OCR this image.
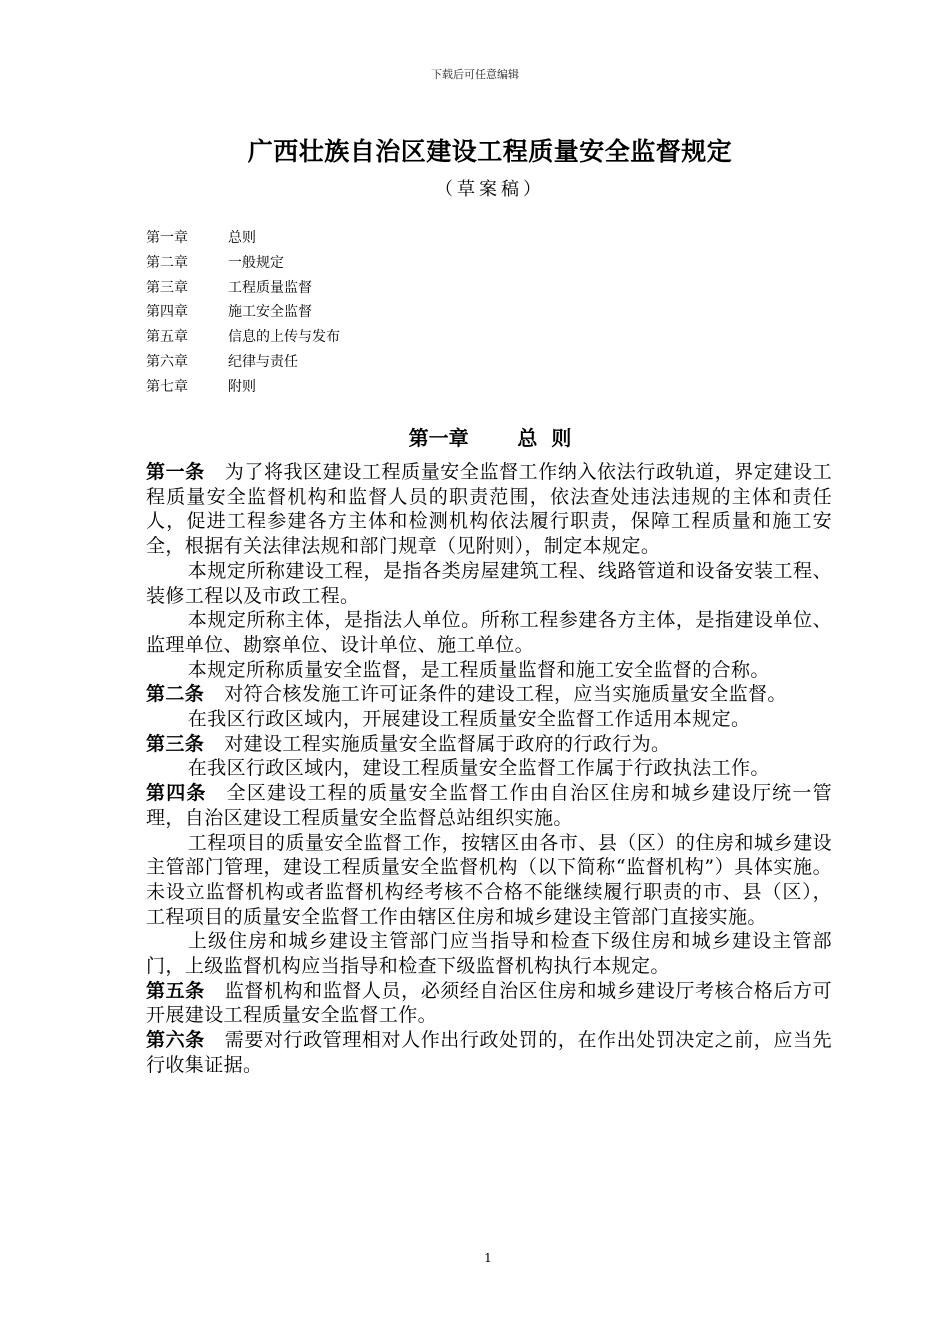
下载后可任意编辑
广西壮族自治区建设工程质量安全监督规定
（草案稿）
第一章	总则
第二章	一般规定
第三章	工程质量监督
第四章	施工安全监督
第五章	信息的上传与发布
第六章	纪律与责任
第七章	附则
第一章       总  则

第一条 为了将我区建设工程质量安全监督工作纳入依法行政轨道，界定建设工程质量安全监督机构和监督人员的职责范围，依法查处违法违规的主体和责任人，促进工程参建各方主体和检测机构依法履行职责，保障工程质量和施工安全，根据有关法律法规和部门规章（见附则），制定本规定。

本规定所称建设工程，是指各类房屋建筑工程、线路管道和设备安装工程、装修工程以及市政工程。

本规定所称主体，是指法人单位。所称工程参建各方主体，是指建设单位、监理单位、勘察单位、设计单位、施工单位。

本规定所称质量安全监督，是工程质量监督和施工安全监督的合称。

第二条 对符合核发施工许可证条件的建设工程，应当实施质量安全监督。

在我区行政区域内，开展建设工程质量安全监督工作适用本规定。

第三条 对建设工程实施质量安全监督属于政府的行政行为。

在我区行政区域内，建设工程质量安全监督工作属于行政执法工作。

第四条 全区建设工程的质量安全监督工作由自治区住房和城乡建设厅统一管理，自治区建设工程质量安全监督总站组织实施。

工程项目的质量安全监督工作，按辖区由各市、县（区）的住房和城乡建设主管部门管理，建设工程质量安全监督机构（以下简称“监督机构”）具体实施。未设立监督机构或者监督机构经考核不合格不能继续履行职责的市、县（区），工程项目的质量安全监督工作由辖区住房和城乡建设主管部门直接实施。

上级住房和城乡建设主管部门应当指导和检查下级住房和城乡建设主管部门，上级监督机构应当指导和检查下级监督机构执行本规定。

第五条 监督机构和监督人员，必须经自治区住房和城乡建设厅考核合格后方可开展建设工程质量安全监督工作。

第六条 需要对行政管理相对人作出行政处罚的，在作出处罚决定之前，应当先行收集证据。

1
